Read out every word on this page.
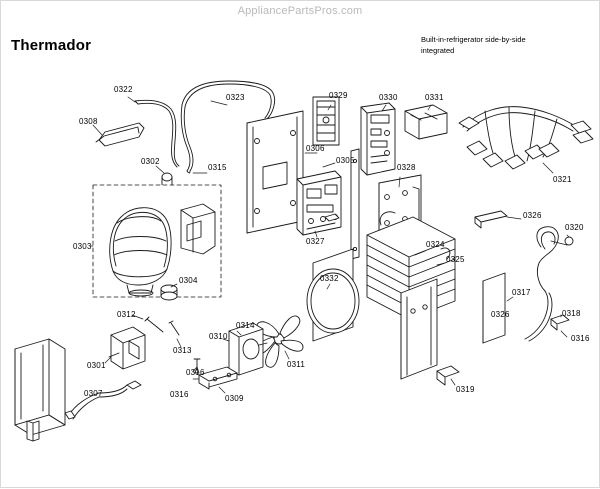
AppliancePartsPros.com
Thermador	Built-in-refrigerator side-by-side
integrated
0308
0322
0323	0329	0330	0331
0302
0315
0306
0305
0328
0321
0303
0327	0324
0326
0320
0304	0332
0325
0317
0318
0312
0310
0314
0313
0326
0316
0301	0311
0316
0319
0307	0316	0309
